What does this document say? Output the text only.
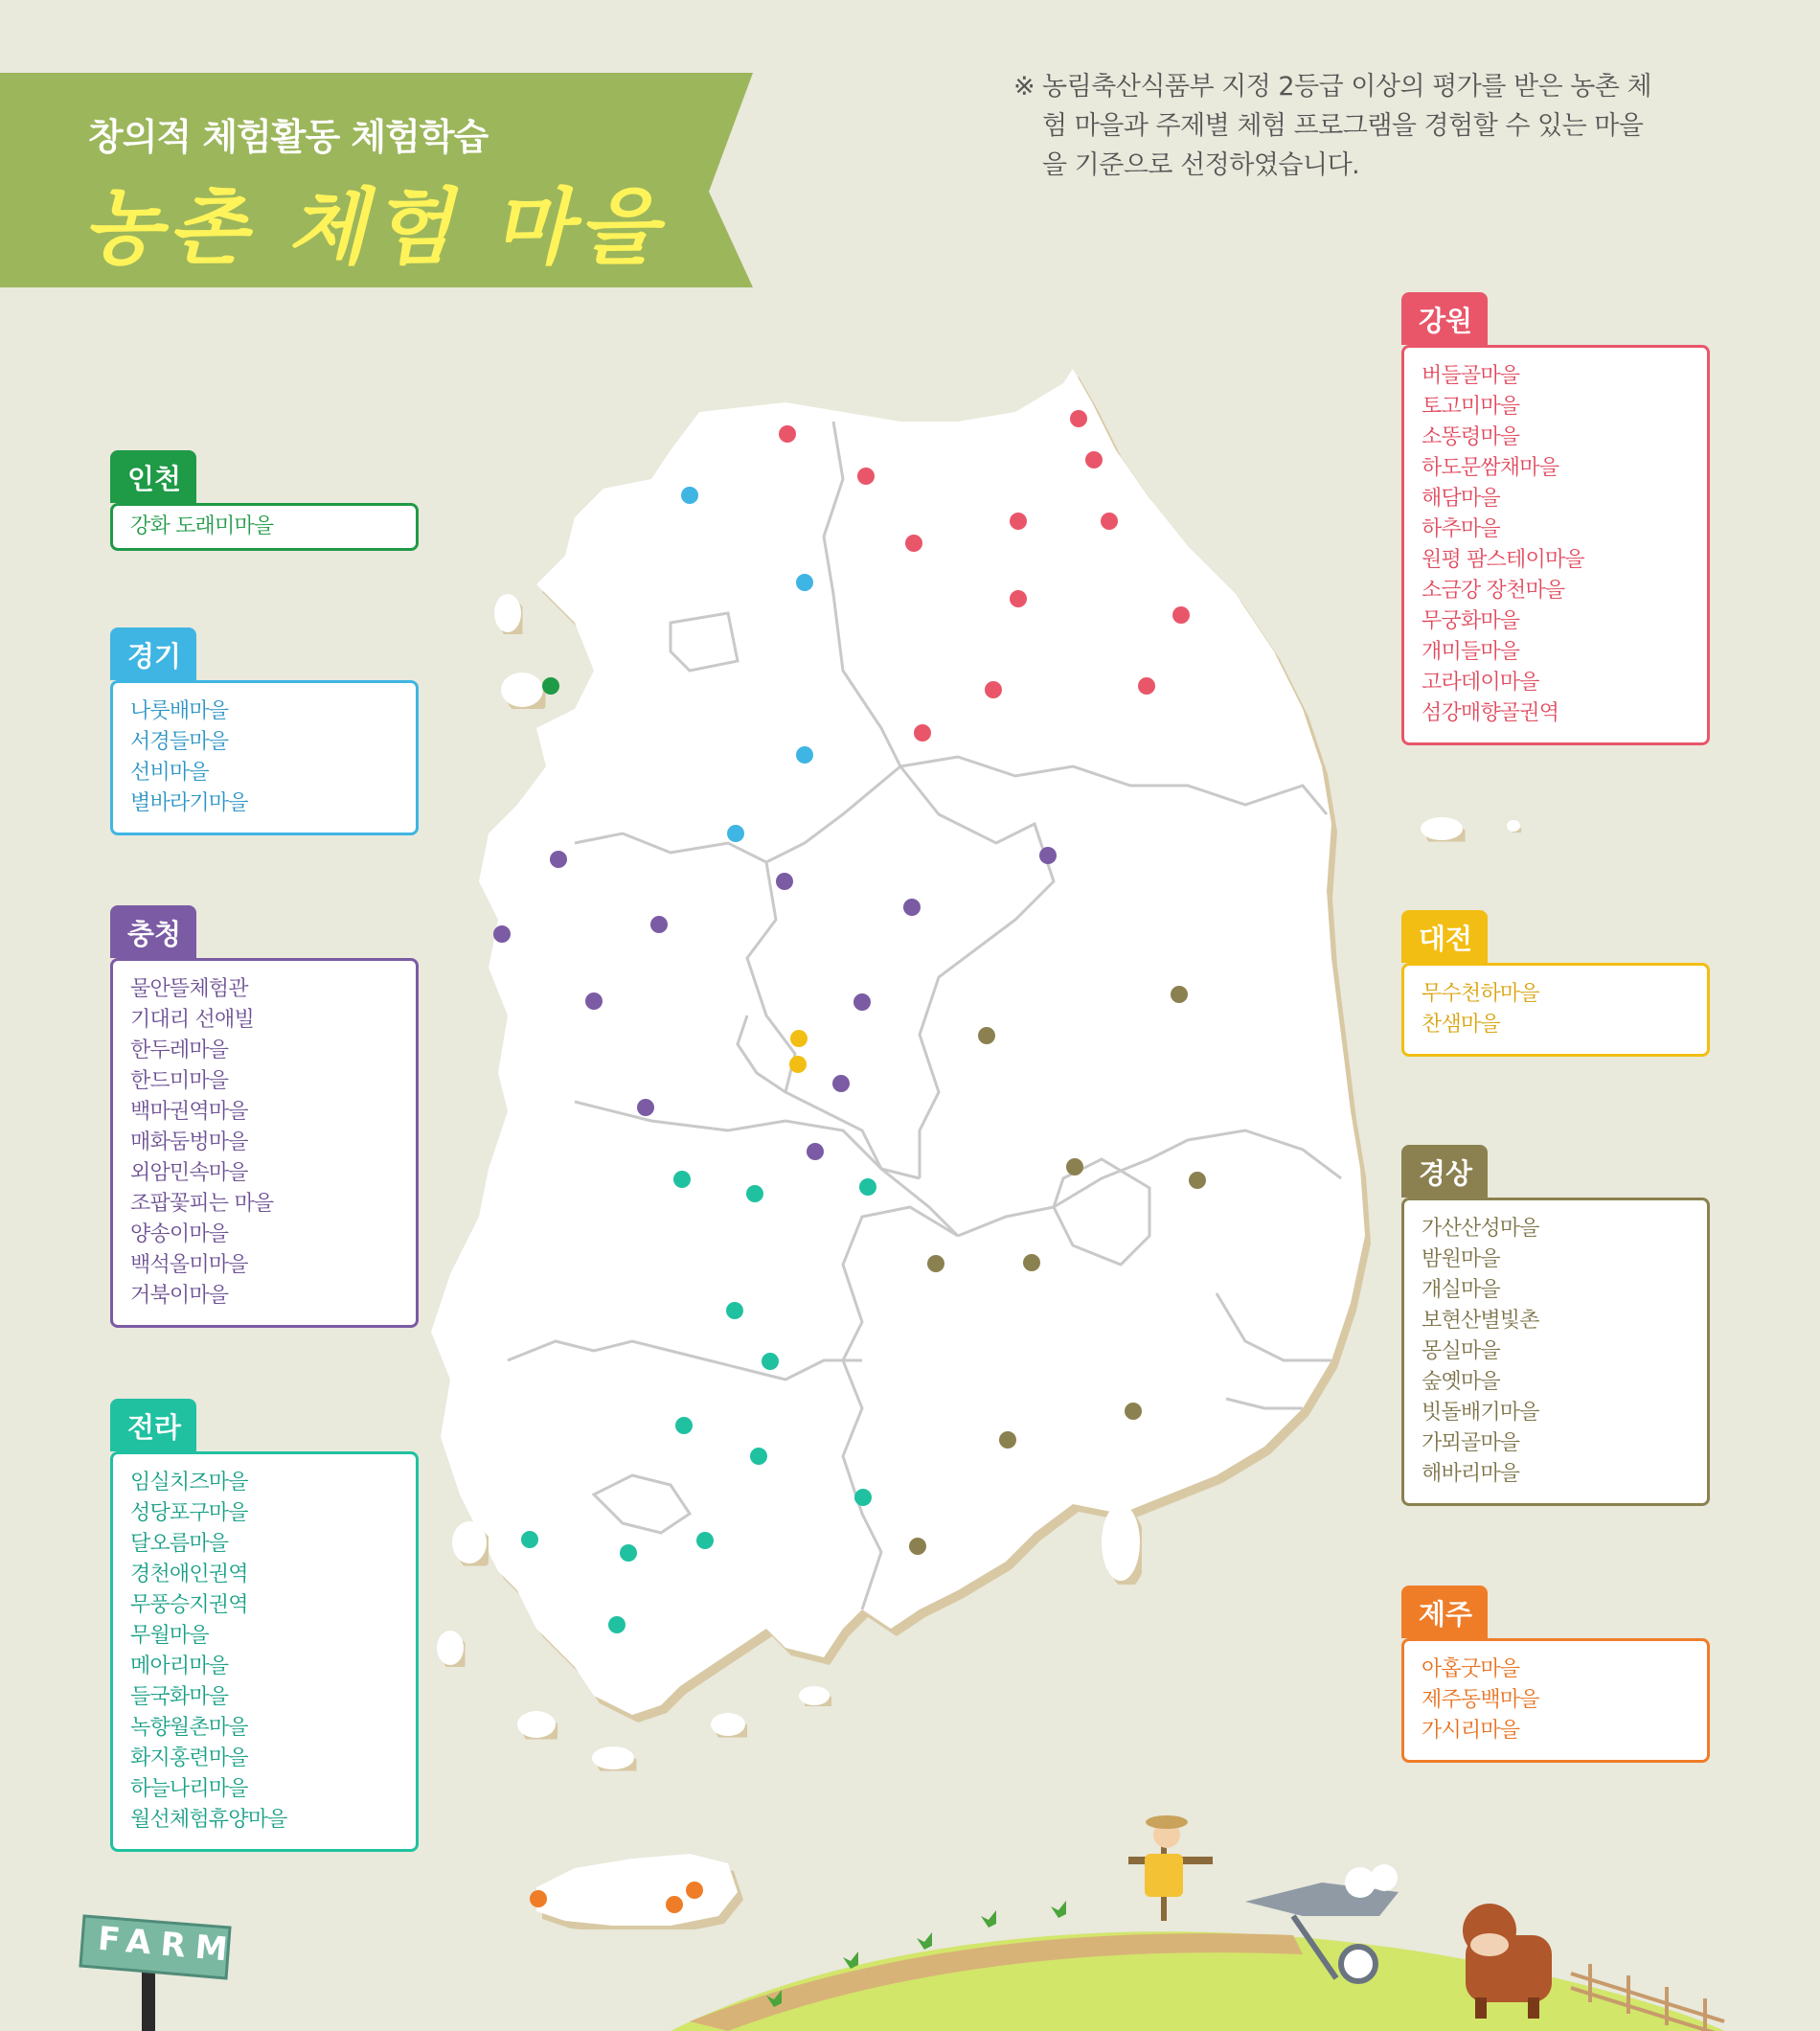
창의적 체험활동 체험학습
농촌 체험 마을
※ 농림축산식품부 지정 2등급 이상의 평가를 받은 농촌 체험 마을과 주제별 체험 프로그램을 경험할 수 있는 마을을 기준으로 선정하였습니다.
인천
강화 도래미마을
경기
나룻배마을
서경들마을
선비마을
별바라기마을
충청
물안뜰체험관
기대리 선애빌
한두레마을
한드미마을
백마권역마을
매화둠벙마을
외암민속마을
조팝꽃피는 마을
양송이마을
백석올미마을
거북이마을
전라
임실치즈마을
성당포구마을
달오름마을
경천애인권역
무풍승지권역
무월마을
메아리마을
들국화마을
녹향월촌마을
화지홍련마을
하늘나리마을
월선체험휴양마을
강원
버들골마을
토고미마을
소똥령마을
하도문쌈채마을
해담마을
하추마을
원평 팜스테이마을
소금강 장천마을
무궁화마을
개미들마을
고라데이마을
섬강매향골권역
대전
무수천하마을
찬샘마을
경상
가산산성마을
밤원마을
개실마을
보현산별빛촌
몽실마을
숲옛마을
빗돌배기마을
가뫼골마을
해바리마을
제주
아홉굿마을
제주동백마을
가시리마을
FARM
